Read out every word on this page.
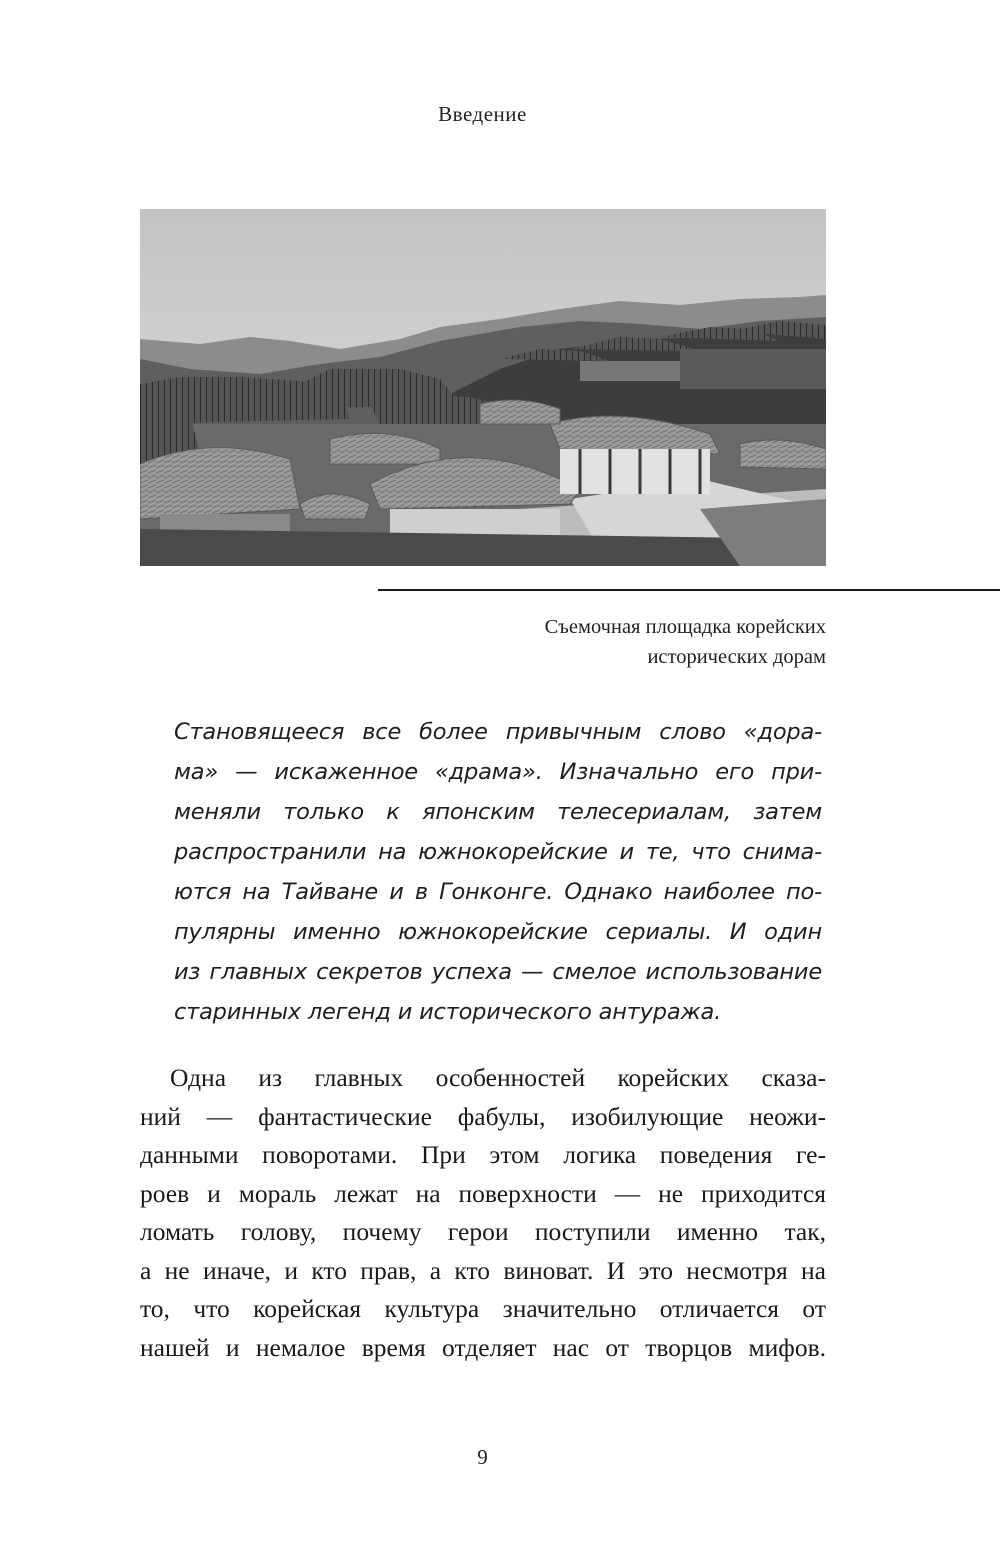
Введение
Съемочная площадка корейских
исторических дорам
Становящееся все более привычным слово «дора-
ма» — искаженное «драма». Изначально его при-
меняли только к японским телесериалам, затем
распространили на южнокорейские и те, что снима-
ются на Тайване и в Гонконге. Однако наиболее по-
пулярны именно южнокорейские сериалы. И один
из главных секретов успеха — смелое использование
старинных легенд и исторического антуража.
Одна из главных особенностей корейских сказа-
ний — фантастические фабулы, изобилующие неожи-
данными поворотами. При этом логика поведения ге-
роев и мораль лежат на поверхности — не приходится
ломать голову, почему герои поступили именно так,
а не иначе, и кто прав, а кто виноват. И это несмотря на
то, что корейская культура значительно отличается от
нашей и немалое время отделяет нас от творцов мифов.
9
